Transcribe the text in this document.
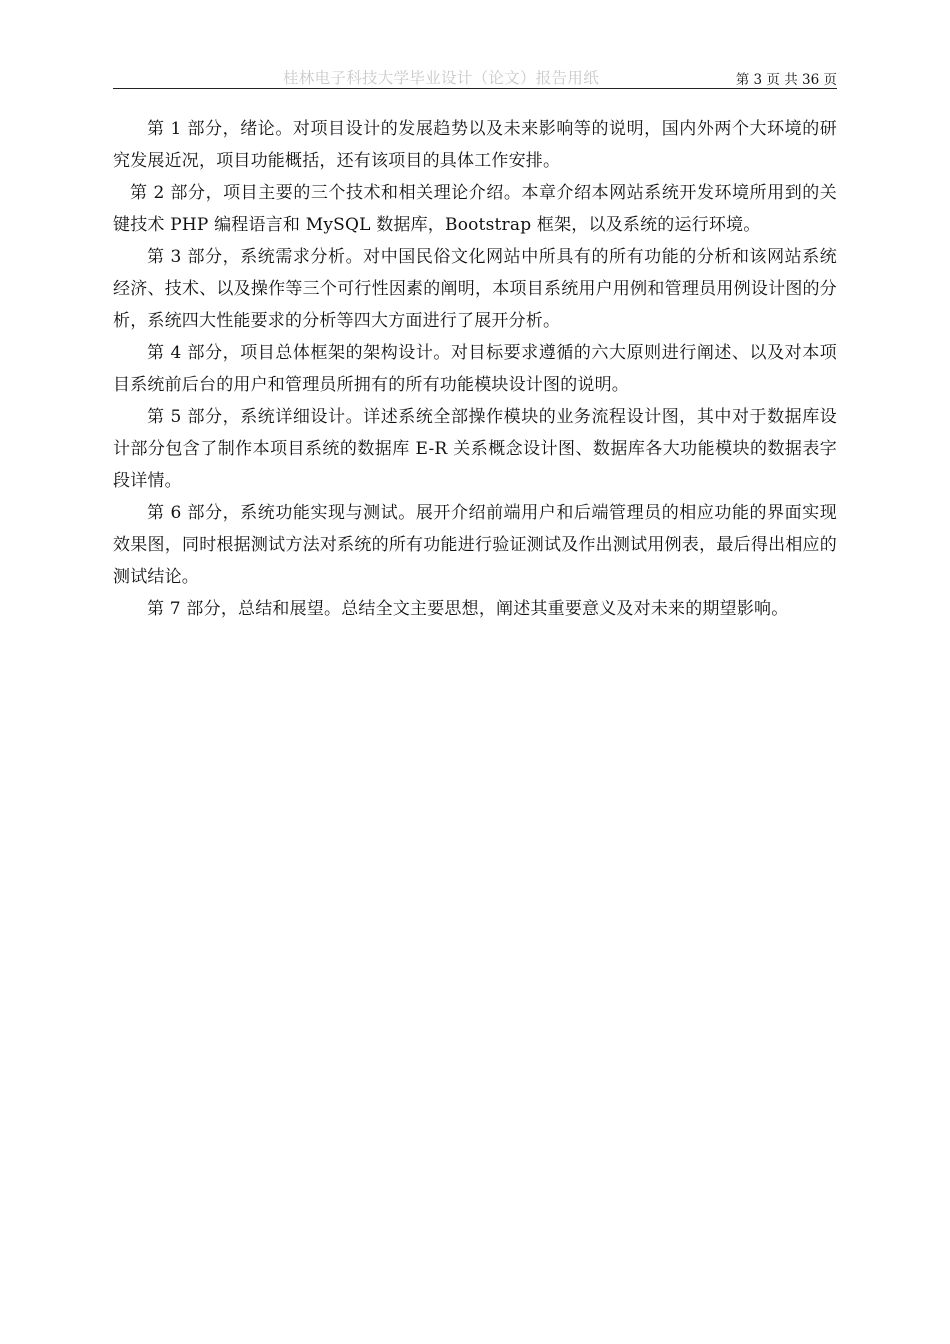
桂林电子科技大学毕业设计（论文）报告用纸	第 3 页 共 36 页

第 1 部分，绪论。对项目设计的发展趋势以及未来影响等的说明，国内外两个大环境的研究发展近况，项目功能概括，还有该项目的具体工作安排。

第 2 部分，项目主要的三个技术和相关理论介绍。本章介绍本网站系统开发环境所用到的关键技术 PHP 编程语言和 MySQL 数据库，Bootstrap 框架，以及系统的运行环境。

第 3 部分，系统需求分析。对中国民俗文化网站中所具有的所有功能的分析和该网站系统经济、技术、以及操作等三个可行性因素的阐明，本项目系统用户用例和管理员用例设计图的分析，系统四大性能要求的分析等四大方面进行了展开分析。

第 4 部分，项目总体框架的架构设计。对目标要求遵循的六大原则进行阐述、以及对本项目系统前后台的用户和管理员所拥有的所有功能模块设计图的说明。

第 5 部分，系统详细设计。详述系统全部操作模块的业务流程设计图，其中对于数据库设计部分包含了制作本项目系统的数据库 E-R 关系概念设计图、数据库各大功能模块的数据表字段详情。

第 6 部分，系统功能实现与测试。展开介绍前端用户和后端管理员的相应功能的界面实现效果图，同时根据测试方法对系统的所有功能进行验证测试及作出测试用例表，最后得出相应的测试结论。

第 7 部分，总结和展望。总结全文主要思想，阐述其重要意义及对未来的期望影响。
